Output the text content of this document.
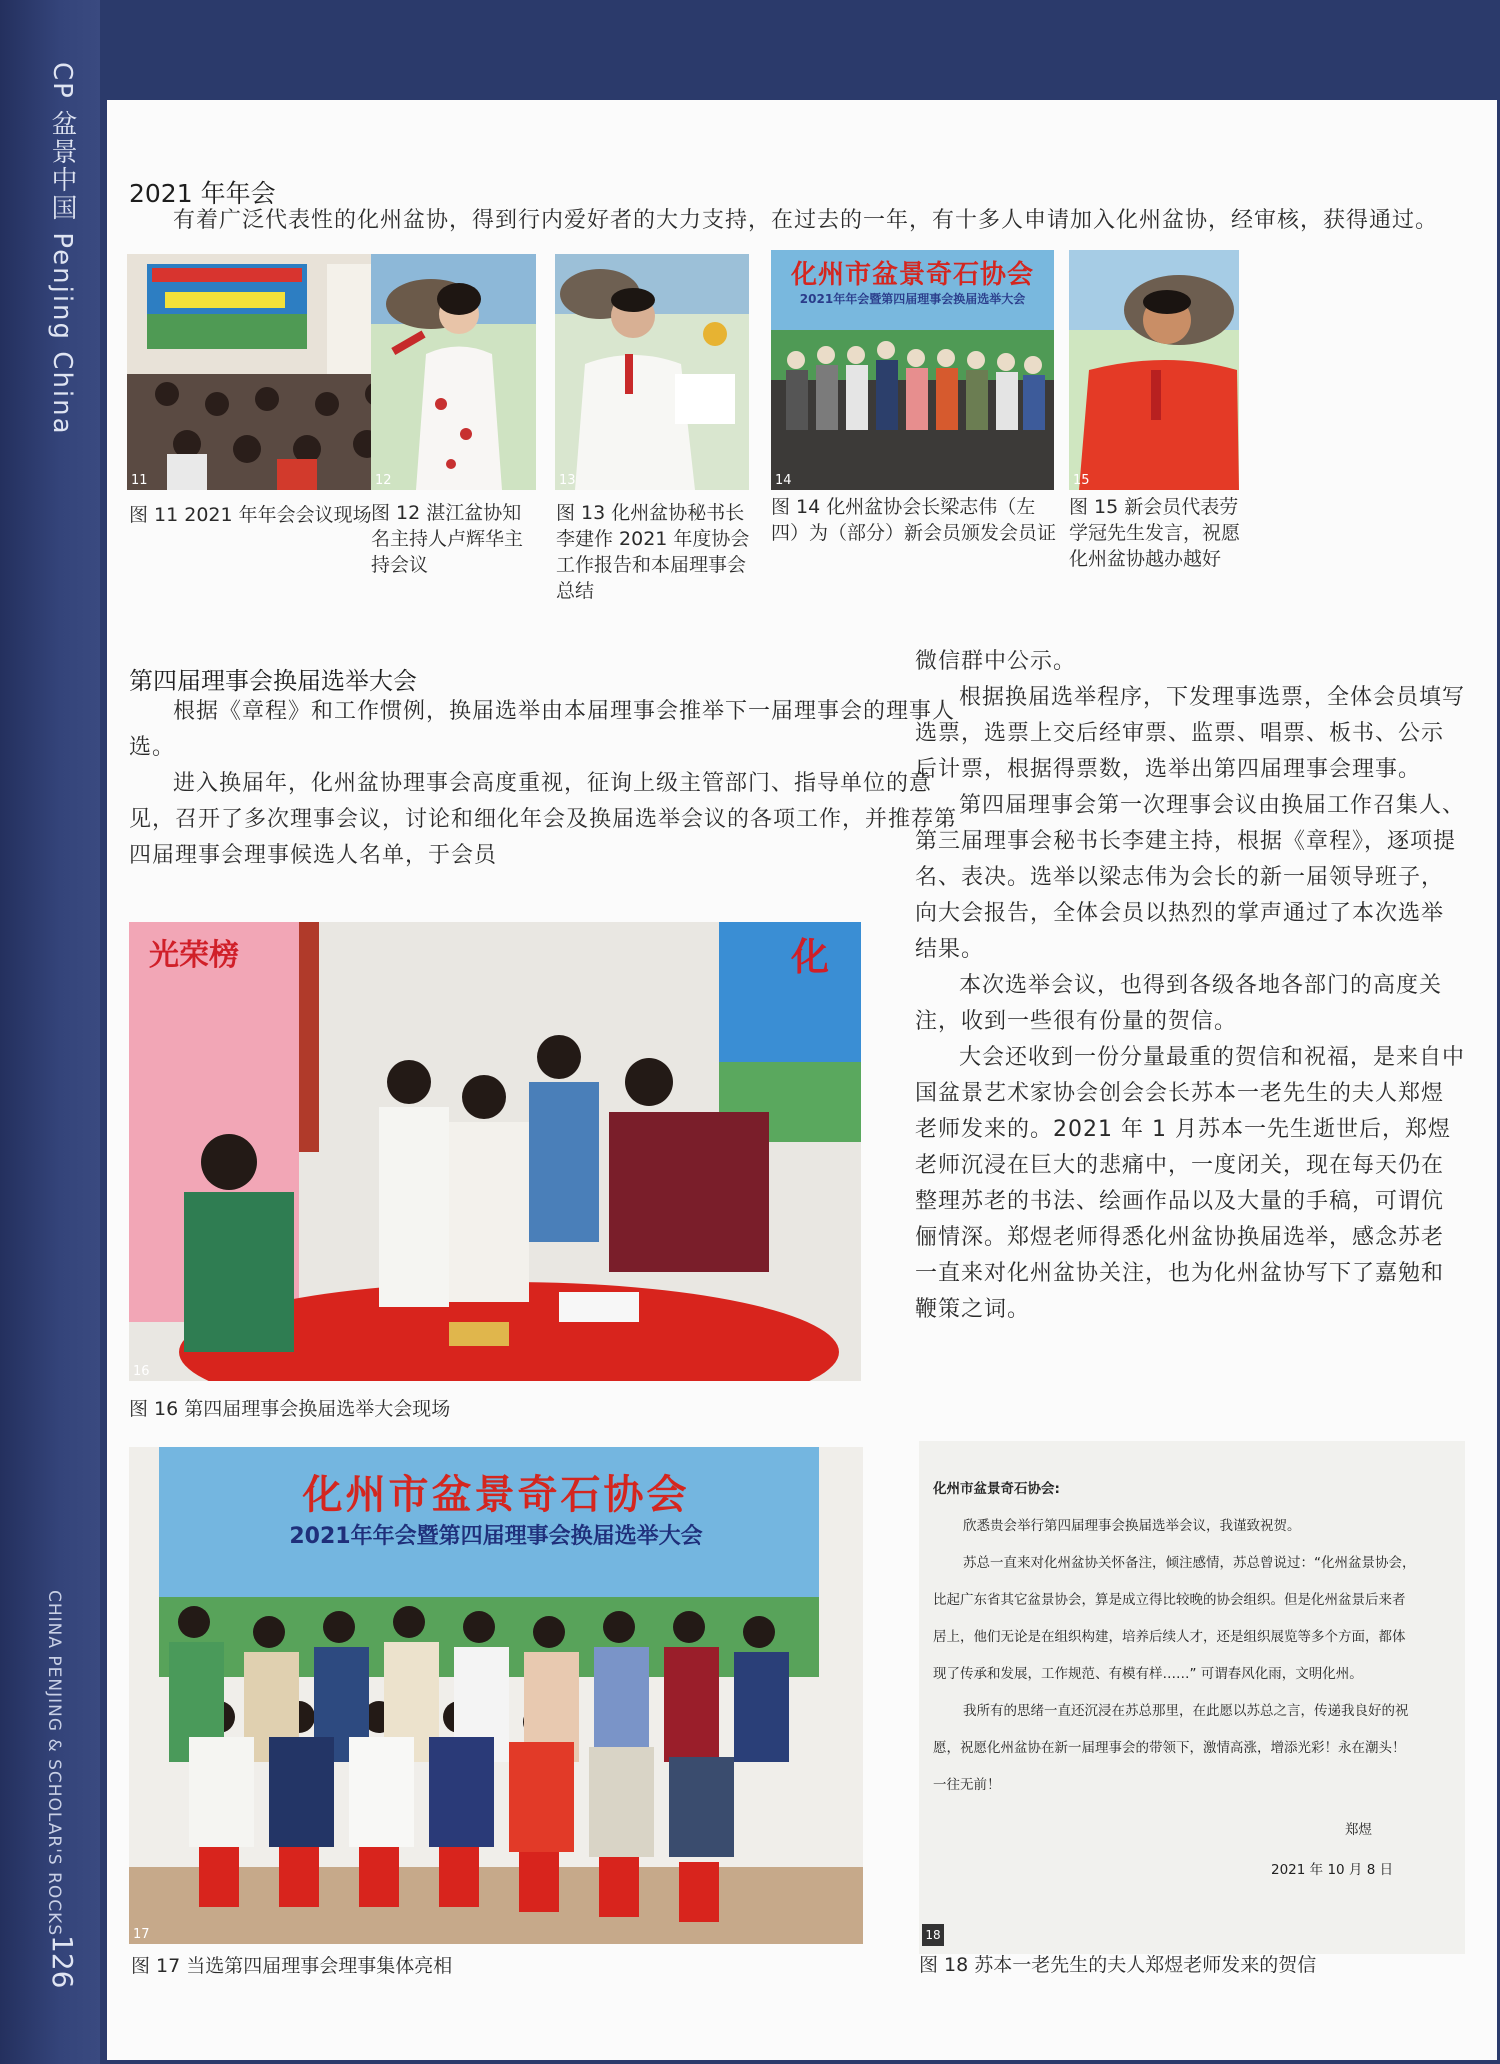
CP 盆景中国 Penjing China
CHINA PENJING & SCHOLAR'S ROCKS
126
2021 年年会
有着广泛代表性的化州盆协，得到行内爱好者的大力支持，在过去的一年，有十多人申请加入化州盆协，经审核，获得通过。
11	12	13
化州市盆景奇石协会
2021年年会暨第四届理事会换届选举大会
14	15
图 11 2021 年年会会议现场 图 12 湛江盆协知名主持人卢辉华主持会议
图 13 化州盆协秘书长李建作 2021 年度协会工作报告和本届理事会总结
图 14 化州盆协会长梁志伟（左四）为（部分）新会员颁发会员证
图 15 新会员代表劳学冠先生发言，祝愿化州盆协越办越好
第四届理事会换届选举大会
根据《章程》和工作惯例，换届选举由本届理事会推举下一届理事会的理事人选。
进入换届年，化州盆协理事会高度重视，征询上级主管部门、指导单位的意见，召开了多次理事会议，讨论和细化年会及换届选举会议的各项工作，并推荐第四届理事会理事候选人名单，于会员
微信群中公示。
根据换届选举程序，下发理事选票，全体会员填写选票，选票上交后经审票、监票、唱票、板书、公示后计票，根据得票数，选举出第四届理事会理事。
第四届理事会第一次理事会议由换届工作召集人、第三届理事会秘书长李建主持，根据《章程》，逐项提名、表决。选举以梁志伟为会长的新一届领导班子，向大会报告，全体会员以热烈的掌声通过了本次选举结果。
本次选举会议，也得到各级各地各部门的高度关注，收到一些很有份量的贺信。
大会还收到一份分量最重的贺信和祝福，是来自中国盆景艺术家协会创会会长苏本一老先生的夫人郑煜老师发来的。2021 年 1 月苏本一先生逝世后，郑煜老师沉浸在巨大的悲痛中，一度闭关，现在每天仍在整理苏老的书法、绘画作品以及大量的手稿，可谓伉俪情深。郑煜老师得悉化州盆协换届选举，感念苏老一直来对化州盆协关注，也为化州盆协写下了嘉勉和鞭策之词。
光荣榜	化
16
图 16 第四届理事会换届选举大会现场
化州市盆景奇石协会
2021年年会暨第四届理事会换届选举大会
17
图 17 当选第四届理事会理事集体亮相
化州市盆景奇石协会:
欣悉贵会举行第四届理事会换届选举会议，我谨致祝贺。
苏总一直来对化州盆协关怀备注，倾注感情，苏总曾说过：“化州盆景协会，
比起广东省其它盆景协会，算是成立得比较晚的协会组织。但是化州盆景后来者
居上，他们无论是在组织构建，培养后续人才，还是组织展览等多个方面，都体
现了传承和发展，工作规范、有模有样……” 可谓春风化雨，文明化州。
我所有的思绪一直还沉浸在苏总那里，在此愿以苏总之言，传递我良好的祝
愿，祝愿化州盆协在新一届理事会的带领下，激情高涨，增添光彩！永在潮头！
一往无前！
郑煜
2021 年 10 月 8 日
18
图 18 苏本一老先生的夫人郑煜老师发来的贺信
